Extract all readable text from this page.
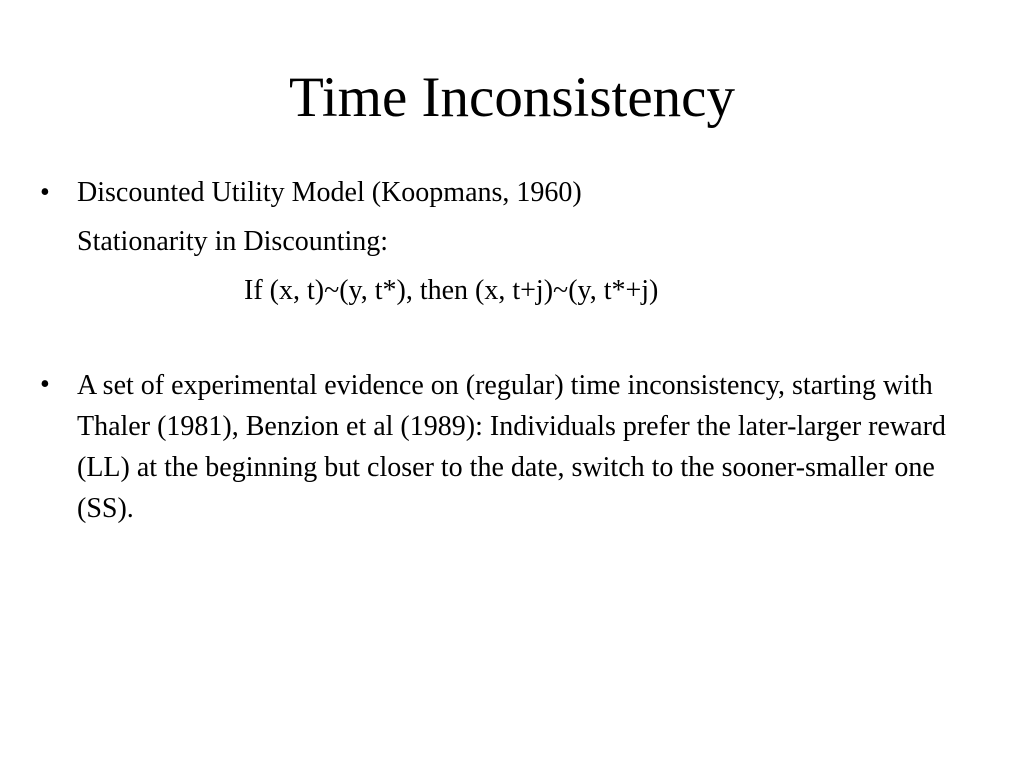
Time Inconsistency
• Discounted Utility Model (Koopmans, 1960)
Stationarity in Discounting:
If (x, t)~(y, t*), then (x, t+j)~(y, t*+j)
• A set of experimental evidence on (regular) time inconsistency, starting with Thaler (1981), Benzion et al (1989): Individuals prefer the later-larger reward (LL) at the beginning but closer to the date, switch to the sooner-smaller one (SS).
